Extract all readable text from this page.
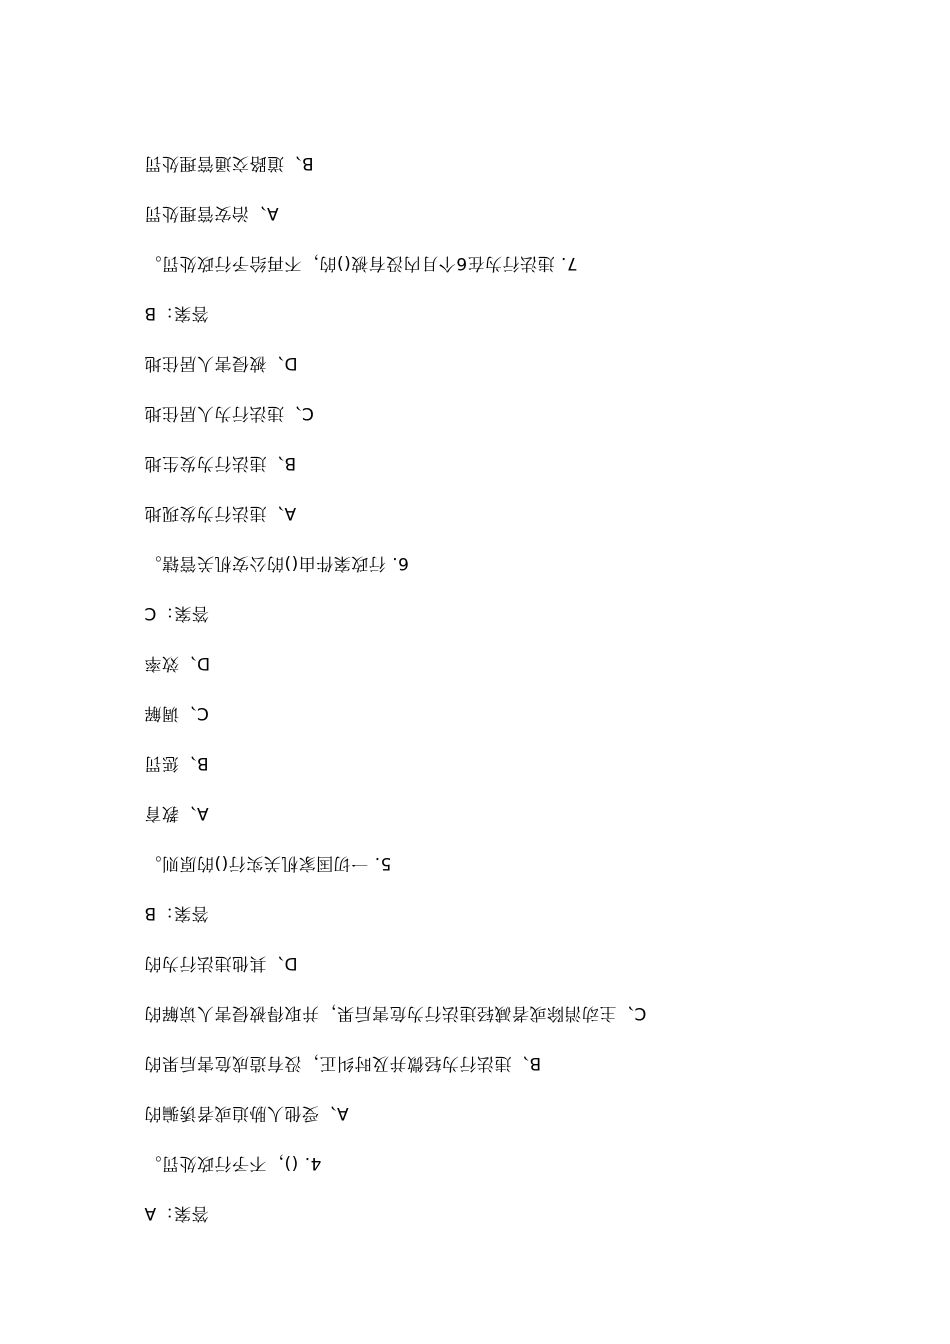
B、道路交通管理处罚
A、治安管理处罚
7. 违法行为在6个月内没有被()的，不再给予行政处罚。
答案：B
D、被侵害人居住地
C、违法行为人居住地
B、违法行为发生地
A、违法行为发现地
6. 行政案件由()的公安机关管辖。
答案：C
D、效率
C、调解
B、惩罚
A、教育
5. 一切国家机关实行()的原则。
答案：B
D、其他违法行为的
C、主动消除或者减轻违法行为危害后果，并取得被侵害人谅解的
B、违法行为轻微并及时纠正，没有造成危害后果的
A、受他人胁迫或者诱骗的
4. ()，不予行政处罚。
答案：A
